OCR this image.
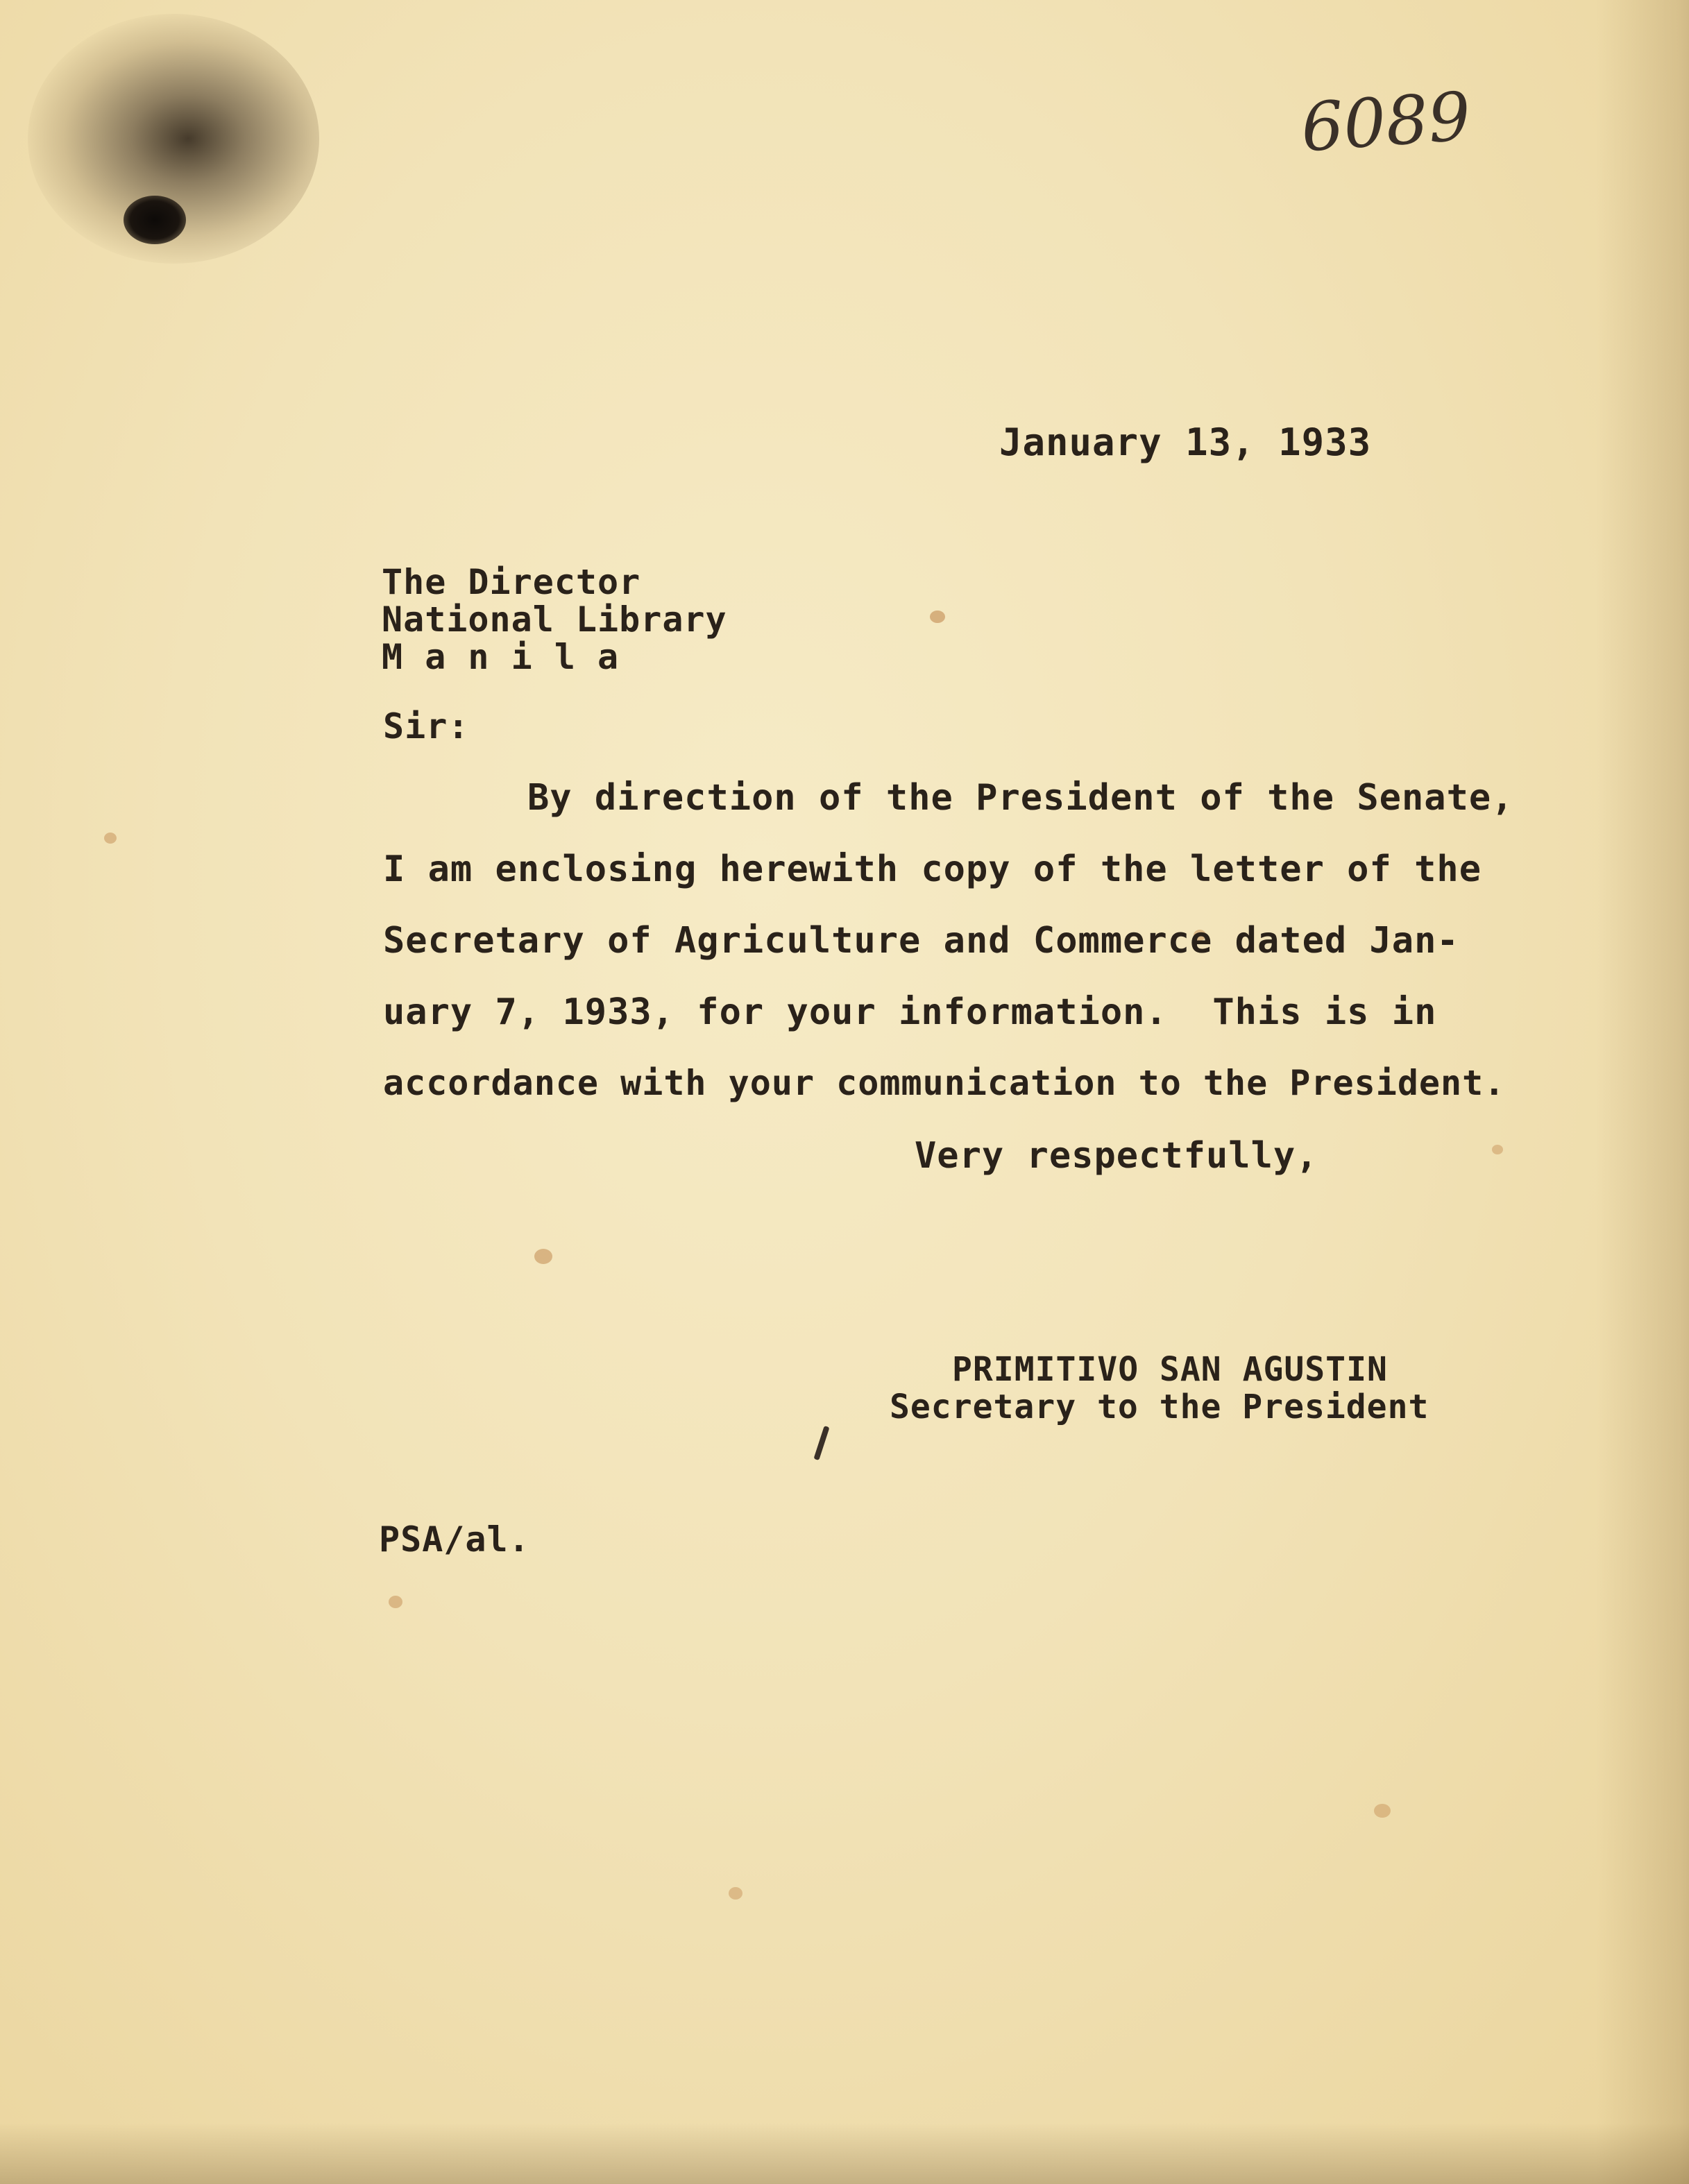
6089
January 13, 1933
The Director
National Library
M a n i l a
Sir:
By direction of the President of the Senate,
I am enclosing herewith copy of the letter of the
Secretary of Agriculture and Commerce dated Jan-
uary 7, 1933, for your information.  This is in
accordance with your communication to the President.
Very respectfully,
PRIMITIVO SAN AGUSTIN
Secretary to the President
PSA/al.
